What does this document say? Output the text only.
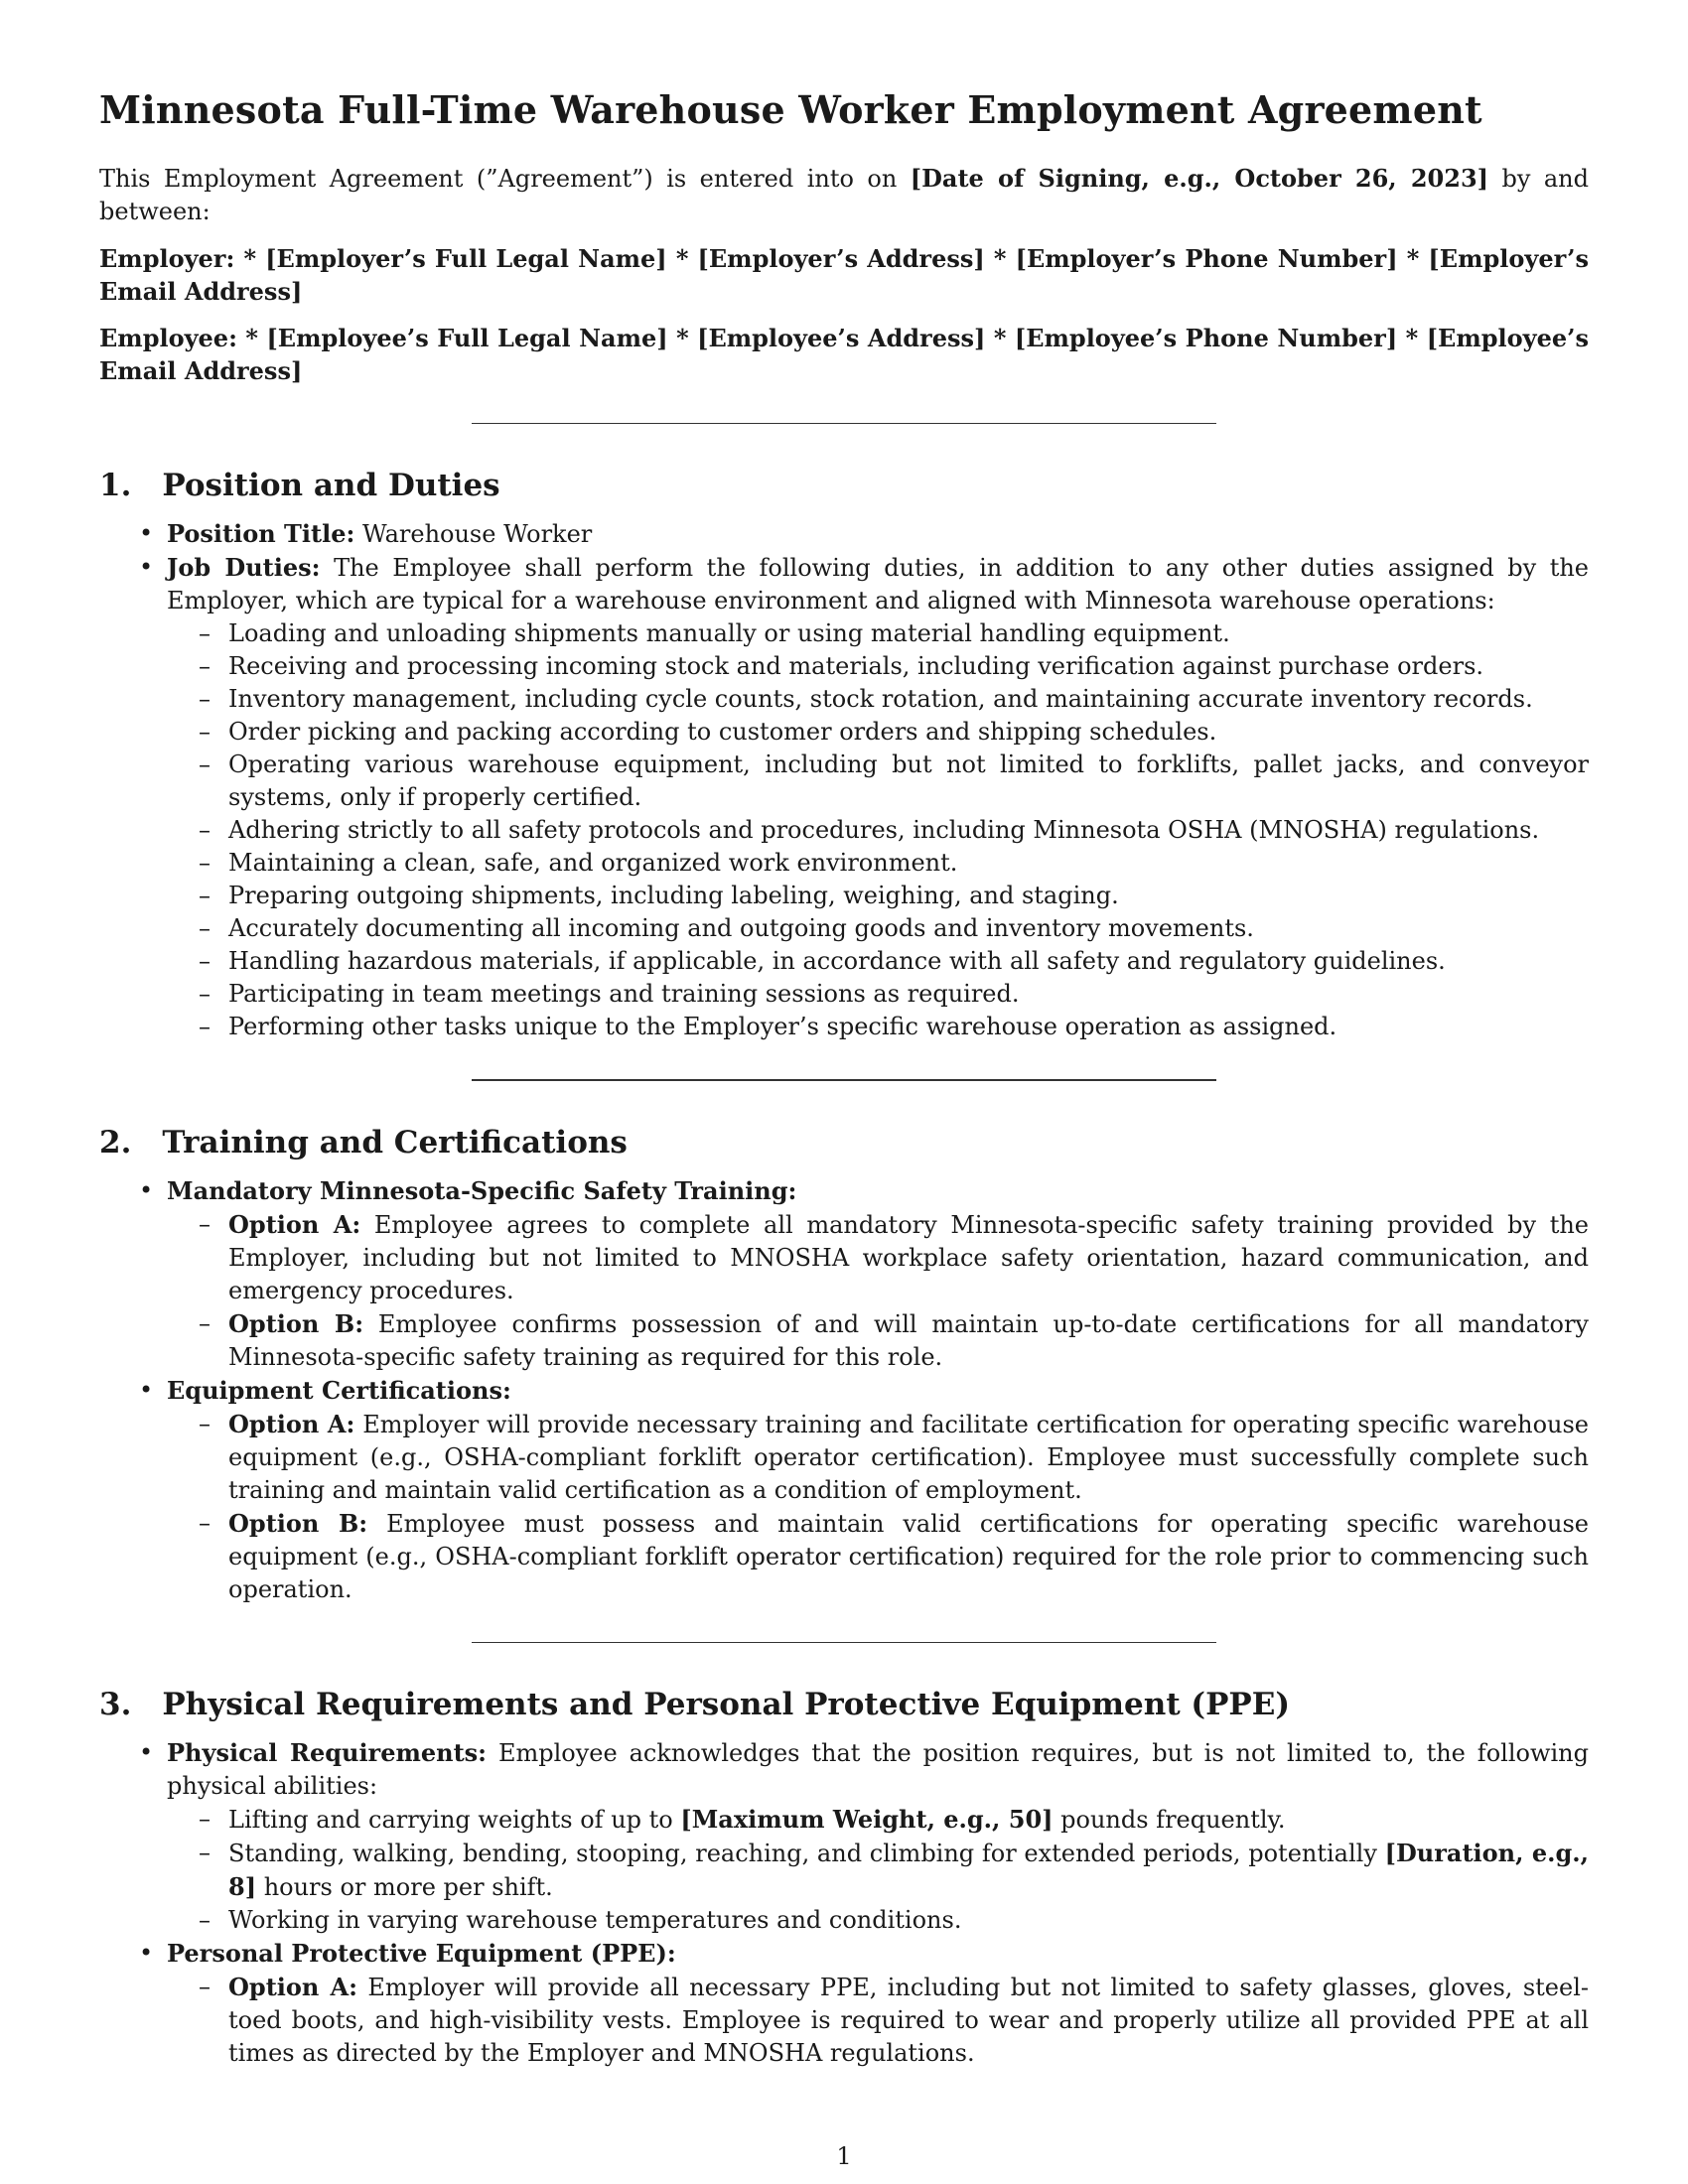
Minnesota Full-Time Warehouse Worker Employment Agreement

This Employment Agreement (”Agreement”) is entered into on [Date of Signing, e.g., October 26, 2023] by and between:

Employer: * [Employer’s Full Legal Name] * [Employer’s Address] * [Employer’s Phone Number] * [Employer’s Email Address]

Employee: * [Employee’s Full Legal Name] * [Employee’s Address] * [Employee’s Phone Number] * [Employee’s Email Address]

1. Position and Duties
• Position Title: Warehouse Worker
• Job Duties: The Employee shall perform the following duties, in addition to any other duties assigned by the Employer, which are typical for a warehouse environment and aligned with Minnesota warehouse operations:
– Loading and unloading shipments manually or using material handling equipment.
– Receiving and processing incoming stock and materials, including verification against purchase orders.
– Inventory management, including cycle counts, stock rotation, and maintaining accurate inventory records.
– Order picking and packing according to customer orders and shipping schedules.
– Operating various warehouse equipment, including but not limited to forklifts, pallet jacks, and conveyor systems, only if properly certified.
– Adhering strictly to all safety protocols and procedures, including Minnesota OSHA (MNOSHA) regulations.
– Maintaining a clean, safe, and organized work environment.
– Preparing outgoing shipments, including labeling, weighing, and staging.
– Accurately documenting all incoming and outgoing goods and inventory movements.
– Handling hazardous materials, if applicable, in accordance with all safety and regulatory guidelines.
– Participating in team meetings and training sessions as required.
– Performing other tasks unique to the Employer’s specific warehouse operation as assigned.
2. Training and Certifications
• Mandatory Minnesota-Specific Safety Training:
– Option A: Employee agrees to complete all mandatory Minnesota-specific safety training provided by the Employer, including but not limited to MNOSHA workplace safety orientation, hazard communication, and emergency procedures.
– Option B: Employee confirms possession of and will maintain up-to-date certifications for all mandatory Minnesota-specific safety training as required for this role.
• Equipment Certifications:
– Option A: Employer will provide necessary training and facilitate certification for operating specific warehouse equipment (e.g., OSHA-compliant forklift operator certification). Employee must successfully complete such training and maintain valid certification as a condition of employment.
– Option B: Employee must possess and maintain valid certifications for operating specific warehouse equipment (e.g., OSHA-compliant forklift operator certification) required for the role prior to commencing such operation.
3. Physical Requirements and Personal Protective Equipment (PPE)
• Physical Requirements: Employee acknowledges that the position requires, but is not limited to, the following physical abilities:
– Lifting and carrying weights of up to [Maximum Weight, e.g., 50] pounds frequently.
– Standing, walking, bending, stooping, reaching, and climbing for extended periods, potentially [Duration, e.g., 8] hours or more per shift.
– Working in varying warehouse temperatures and conditions.
• Personal Protective Equipment (PPE):
– Option A: Employer will provide all necessary PPE, including but not limited to safety glasses, gloves, steel-toed boots, and high-visibility vests. Employee is required to wear and properly utilize all provided PPE at all times as directed by the Employer and MNOSHA regulations.
1
